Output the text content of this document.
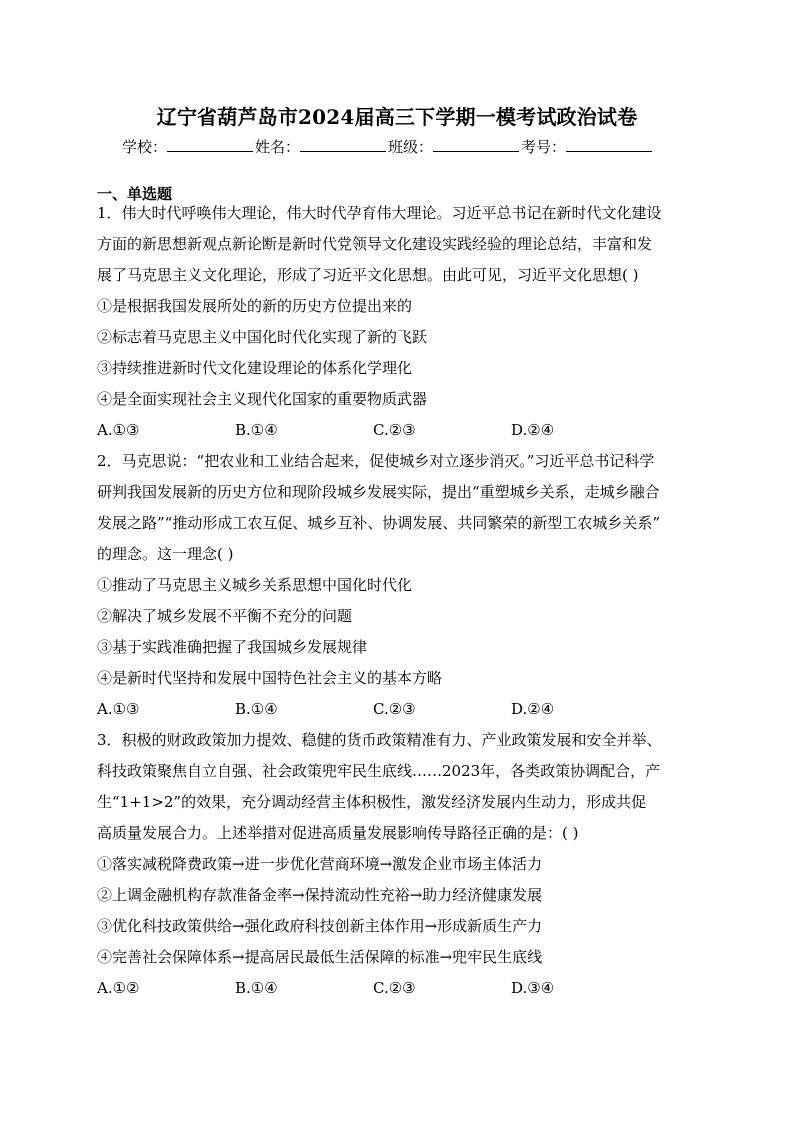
辽宁省葫芦岛市2024届高三下学期一模考试政治试卷
学校：	姓名：	班级：	考号：
一、单选题
1．伟大时代呼唤伟大理论，伟大时代孕育伟大理论。习近平总书记在新时代文化建设
方面的新思想新观点新论断是新时代党领导文化建设实践经验的理论总结，丰富和发
展了马克思主义文化理论，形成了习近平文化思想。由此可见，习近平文化思想( )
①是根据我国发展所处的新的历史方位提出来的
②标志着马克思主义中国化时代化实现了新的飞跃
③持续推进新时代文化建设理论的体系化学理化
④是全面实现社会主义现代化国家的重要物质武器
A.①③	B.①④	C.②③	D.②④
2．马克思说：“把农业和工业结合起来，促使城乡对立逐步消灭。”习近平总书记科学
研判我国发展新的历史方位和现阶段城乡发展实际，提出“重塑城乡关系，走城乡融合
发展之路”“推动形成工农互促、城乡互补、协调发展、共同繁荣的新型工农城乡关系”
的理念。这一理念( )
①推动了马克思主义城乡关系思想中国化时代化
②解决了城乡发展不平衡不充分的问题
③基于实践准确把握了我国城乡发展规律
④是新时代坚持和发展中国特色社会主义的基本方略
A.①③	B.①④	C.②③	D.②④
3．积极的财政政策加力提效、稳健的货币政策精准有力、产业政策发展和安全并举、
科技政策聚焦自立自强、社会政策兜牢民生底线……2023年，各类政策协调配合，产
生“1+1>2”的效果，充分调动经营主体积极性，激发经济发展内生动力，形成共促
高质量发展合力。上述举措对促进高质量发展影响传导路径正确的是：( )
①落实减税降费政策→进一步优化营商环境→激发企业市场主体活力
②上调金融机构存款准备金率→保持流动性充裕→助力经济健康发展
③优化科技政策供给→强化政府科技创新主体作用→形成新质生产力
④完善社会保障体系→提高居民最低生活保障的标准→兜牢民生底线
A.①②	B.①④	C.②③	D.③④
